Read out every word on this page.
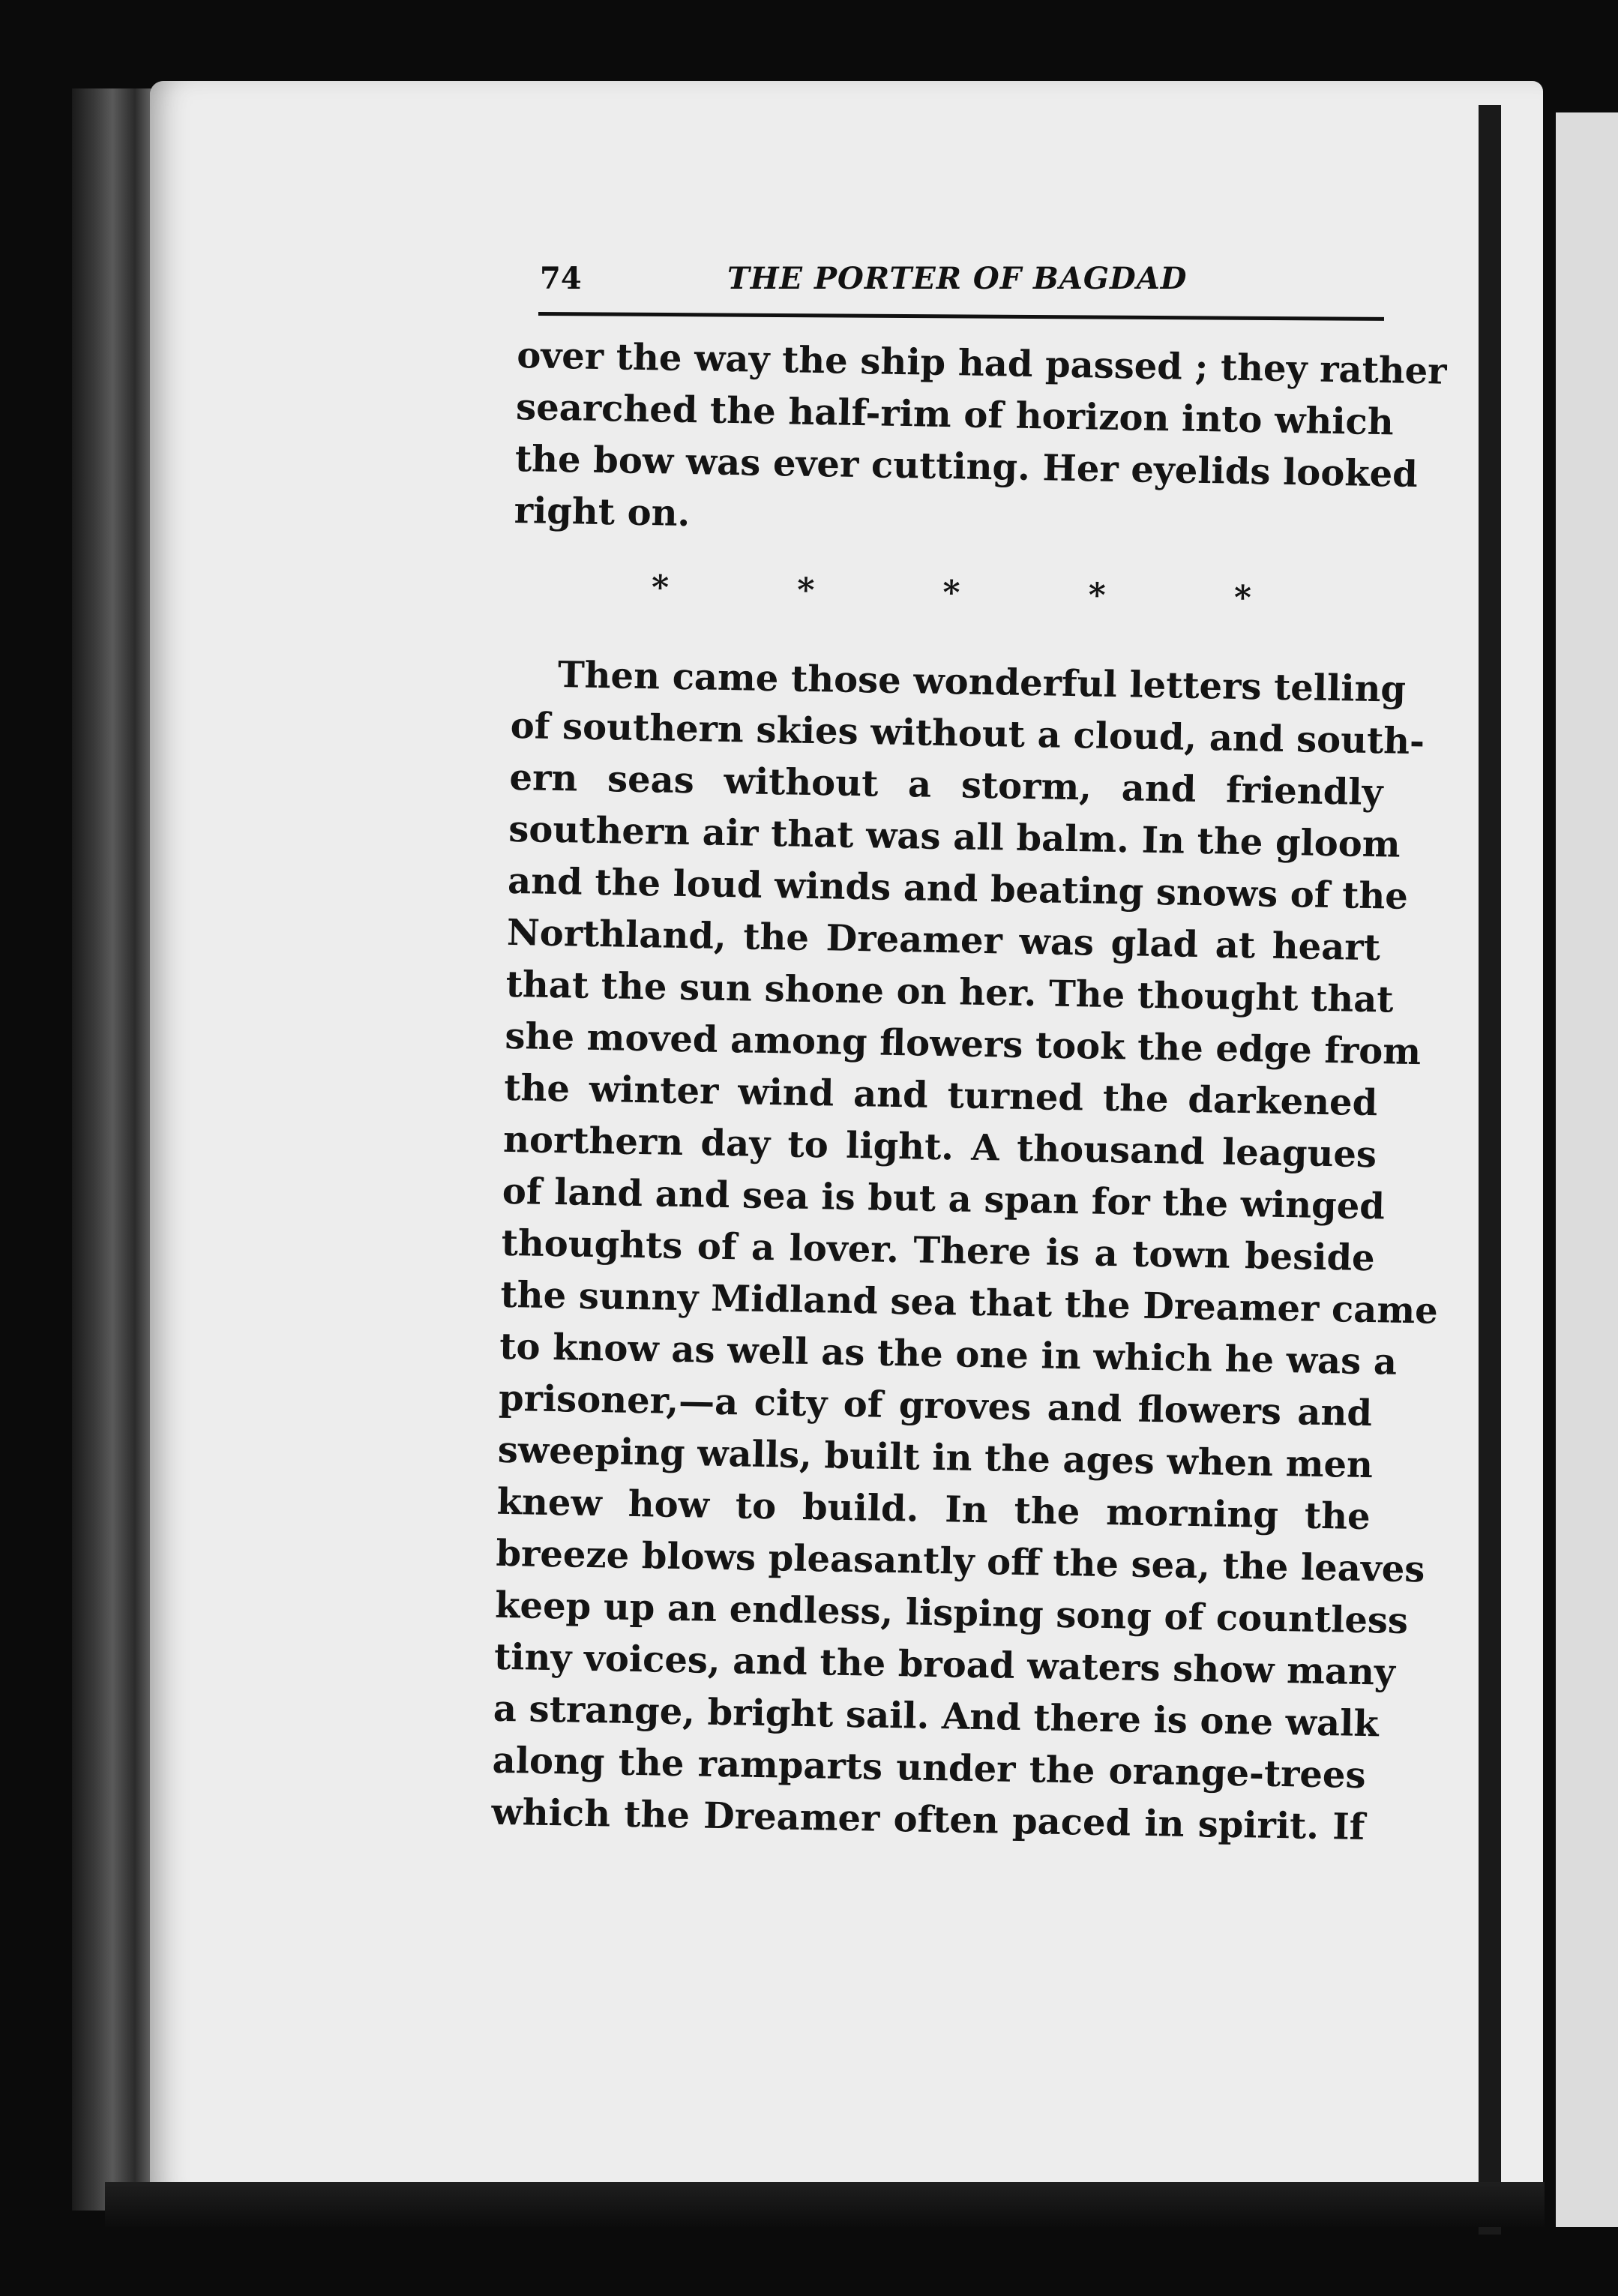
74	THE PORTER OF BAGDAD
over the way the ship had passed ; they rather
searched the half-rim of horizon into which
the bow was ever cutting. Her eyelids looked
right on.
*	*	*	*	*
Then came those wonderful letters telling
of southern skies without a cloud, and south-
ern seas without a storm, and friendly
southern air that was all balm. In the gloom
and the loud winds and beating snows of the
Northland, the Dreamer was glad at heart
that the sun shone on her. The thought that
she moved among flowers took the edge from
the winter wind and turned the darkened
northern day to light. A thousand leagues
of land and sea is but a span for the winged
thoughts of a lover. There is a town beside
the sunny Midland sea that the Dreamer came
to know as well as the one in which he was a
prisoner,—a city of groves and flowers and
sweeping walls, built in the ages when men
knew how to build. In the morning the
breeze blows pleasantly off the sea, the leaves
keep up an endless, lisping song of countless
tiny voices, and the broad waters show many
a strange, bright sail. And there is one walk
along the ramparts under the orange-trees
which the Dreamer often paced in spirit. If
